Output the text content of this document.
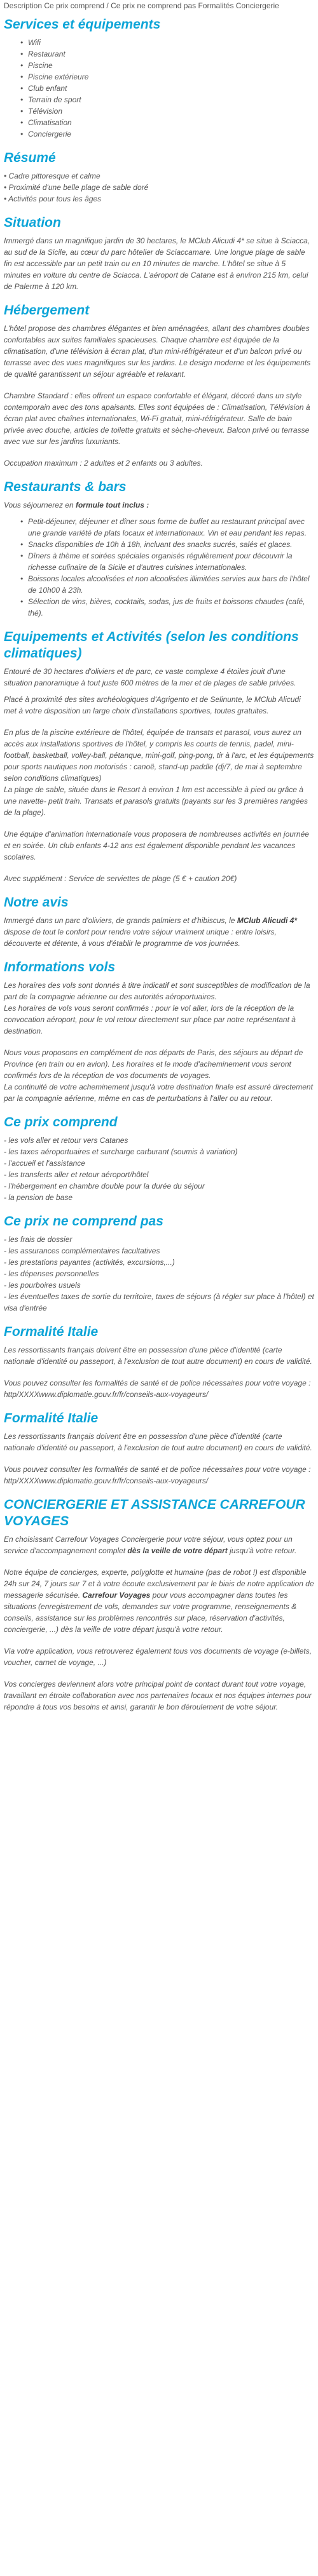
Description Ce prix comprend / Ce prix ne comprend pas Formalités Conciergerie

Services et équipements
• Wifi
• Restaurant
• Piscine
• Piscine extérieure
• Club enfant
• Terrain de sport
• Télévision
• Climatisation
• Conciergerie
Résumé

• Cadre pittoresque et calme

• Proximité d'une belle plage de sable doré

• Activités pour tous les âges

Situation

Immergé dans un magnifique jardin de 30 hectares, le MClub Alicudi 4* se situe à Sciacca, au sud de la Sicile, au cœur du parc hôtelier de Sciaccamare. Une longue plage de sable fin est accessible par un petit train ou en 10 minutes de marche. L'hôtel se situe à 5 minutes en voiture du centre de Sciacca. L'aéroport de Catane est à environ 215 km, celui de Palerme à 120 km.

Hébergement

L'hôtel propose des chambres élégantes et bien aménagées, allant des chambres doubles confortables aux suites familiales spacieuses. Chaque chambre est équipée de la climatisation, d'une télévision à écran plat, d'un mini-réfrigérateur et d'un balcon privé ou terrasse avec des vues magnifiques sur les jardins. Le design moderne et les équipements de qualité garantissent un séjour agréable et relaxant.

Chambre Standard : elles offrent un espace confortable et élégant, décoré dans un style contemporain avec des tons apaisants. Elles sont équipées de : Climatisation, Télévision à écran plat avec chaînes internationales, Wi-Fi gratuit, mini-réfrigérateur. Salle de bain privée avec douche, articles de toilette gratuits et sèche-cheveux. Balcon privé ou terrasse avec vue sur les jardins luxuriants.

Occupation maximum : 2 adultes et 2 enfants ou 3 adultes.

Restaurants & bars

Vous séjournerez en formule tout inclus :

• Petit-déjeuner, déjeuner et dîner sous forme de buffet au restaurant principal avec une grande variété de plats locaux et internationaux. Vin et eau pendant les repas.
• Snacks disponibles de 10h à 18h, incluant des snacks sucrés, salés et glaces.
• Dîners à thème et soirées spéciales organisés régulièrement pour découvrir la richesse culinaire de la Sicile et d'autres cuisines internationales.
• Boissons locales alcoolisées et non alcoolisées illimitées servies aux bars de l'hôtel de 10h00 à 23h.
• Sélection de vins, bières, cocktails, sodas, jus de fruits et boissons chaudes (café, thé).
Equipements et Activités (selon les conditions climatiques)

Entouré de 30 hectares d'oliviers et de parc, ce vaste complexe 4 étoiles jouit d'une situation panoramique à tout juste 600 mètres de la mer et de plages de sable privées.

Placé à proximité des sites archéologiques d'Agrigento et de Selinunte, le MClub Alicudi met à votre disposition un large choix d'installations sportives, toutes gratuites.

En plus de la piscine extérieure de l'hôtel, équipée de transats et parasol, vous aurez un accès aux installations sportives de l'hôtel, y compris les courts de tennis, padel, mini-football, basketball, volley-ball, pétanque, mini-golf, ping-pong, tir à l'arc, et les équipements pour sports nautiques non motorisés : canoë, stand-up paddle (dj/7, de mai à septembre selon conditions climatiques)

La plage de sable, située dans le Resort à environ 1 km est accessible à pied ou grâce à une navette- petit train. Transats et parasols gratuits (payants sur les 3 premières rangées de la plage).

Une équipe d'animation internationale vous proposera de nombreuses activités en journée et en soirée. Un club enfants 4-12 ans est également disponible pendant les vacances scolaires.

Avec supplément : Service de serviettes de plage (5 € + caution 20€)

Notre avis

Immergé dans un parc d'oliviers, de grands palmiers et d'hibiscus, le MClub Alicudi 4* dispose de tout le confort pour rendre votre séjour vraiment unique : entre loisirs, découverte et détente, à vous d'établir le programme de vos journées.

Informations vols

Les horaires des vols sont donnés à titre indicatif et sont susceptibles de modification de la part de la compagnie aérienne ou des autorités aéroportuaires.

Les horaires de vols vous seront confirmés : pour le vol aller, lors de la réception de la convocation aéroport, pour le vol retour directement sur place par notre représentant à destination.

Nous vous proposons en complément de nos départs de Paris, des séjours au départ de Province (en train ou en avion). Les horaires et le mode d'acheminement vous seront confirmés lors de la réception de vos documents de voyages.

La continuité de votre acheminement jusqu'à votre destination finale est assuré directement par la compagnie aérienne, même en cas de perturbations à l'aller ou au retour.

Ce prix comprend

- les vols aller et retour vers Catanes

- les taxes aéroportuaires et surcharge carburant (soumis à variation)

- l'accueil et l'assistance

- les transferts aller et retour aéroport/hôtel

- l'hébergement en chambre double pour la durée du séjour

- la pension de base

Ce prix ne comprend pas

- les frais de dossier

- les assurances complémentaires facultatives

- les prestations payantes (activités, excursions,...)

- les dépenses personnelles

- les pourboires usuels

- les éventuelles taxes de sortie du territoire, taxes de séjours (à régler sur place à l'hôtel) et visa d'entrée

Formalité Italie

Les ressortissants français doivent être en possession d'une pièce d'identité (carte nationale d'identité ou passeport, à l'exclusion de tout autre document) en cours de validité.

Vous pouvez consulter les formalités de santé et de police nécessaires pour votre voyage : http/XXXXwww.diplomatie.gouv.fr/fr/conseils-aux-voyageurs/

Formalité Italie

Les ressortissants français doivent être en possession d'une pièce d'identité (carte nationale d'identité ou passeport, à l'exclusion de tout autre document) en cours de validité.

Vous pouvez consulter les formalités de santé et de police nécessaires pour votre voyage : http/XXXXwww.diplomatie.gouv.fr/fr/conseils-aux-voyageurs/

CONCIERGERIE ET ASSISTANCE CARREFOUR VOYAGES

En choisissant Carrefour Voyages Conciergerie pour votre séjour, vous optez pour un service d'accompagnement complet dès la veille de votre départ jusqu'à votre retour.

Notre équipe de concierges, experte, polyglotte et humaine (pas de robot !) est disponible 24h sur 24, 7 jours sur 7 et à votre écoute exclusivement par le biais de notre application de messagerie sécurisée. Carrefour Voyages pour vous accompagner dans toutes les situations (enregistrement de vols, demandes sur votre programme, renseignements & conseils, assistance sur les problèmes rencontrés sur place, réservation d'activités, conciergerie, ...) dès la veille de votre départ jusqu'à votre retour.

Via votre application, vous retrouverez également tous vos documents de voyage (e-billets, voucher, carnet de voyage, ...)

Vos concierges deviennent alors votre principal point de contact durant tout votre voyage, travaillant en étroite collaboration avec nos partenaires locaux et nos équipes internes pour répondre à tous vos besoins et ainsi, garantir le bon déroulement de votre séjour.
